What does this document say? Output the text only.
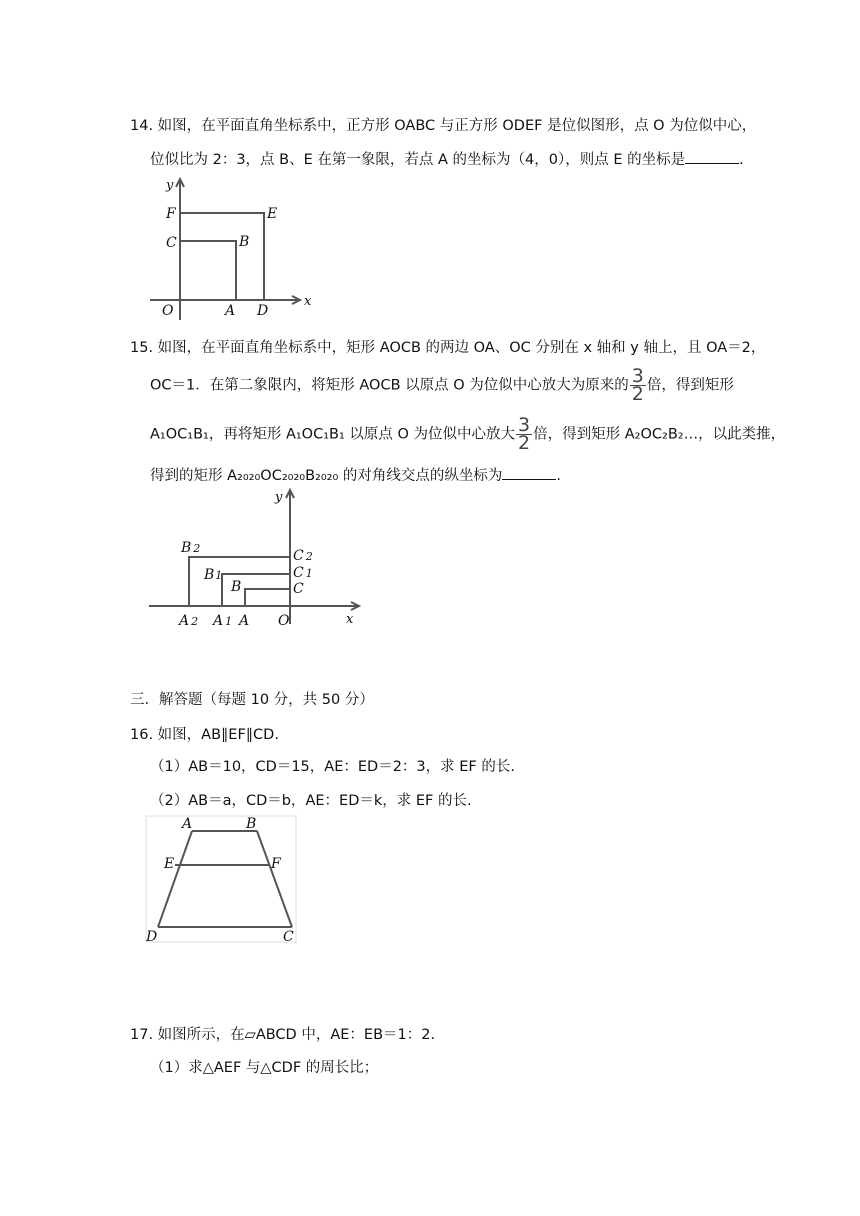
14. 如图，在平面直角坐标系中，正方形 OABC 与正方形 ODEF 是位似图形，点 O 为位似中心，
位似比为 2：3，点 B、E 在第一象限，若点 A 的坐标为（4，0），则点 E 的坐标是	.
y
x
F	E
C	B
O	A D
15. 如图，在平面直角坐标系中，矩形 AOCB 的两边 OA、OC 分别在 x 轴和 y 轴上，且 OA＝2，
OC＝1．在第二象限内，将矩形 AOCB 以原点 O 为位似中心放大为原来的 $\frac{3}{2}$ 倍，得到矩形
A₁OC₁B₁，再将矩形 A₁OC₁B₁ 以原点 O 为位似中心放大 $\frac{3}{2}$ 倍，得到矩形 A₂OC₂B₂…，以此类推，
得到的矩形 A₂₀₂₀OC₂₀₂₀B₂₀₂₀ 的对角线交点的纵坐标为	.
y
x
B 2	C 2
B1	C 1
B	C
A 2 A 1 A O
三．解答题（每题 10 分，共 50 分）
16. 如图，AB∥EF∥CD.
（1）AB＝10，CD＝15，AE：ED＝2：3，求 EF 的长.
（2）AB＝a，CD＝b，AE：ED＝k，求 EF 的长.
A	B
E	F
D	C
17. 如图所示，在▱ABCD 中，AE：EB＝1：2.
（1）求△AEF 与△CDF 的周长比；
